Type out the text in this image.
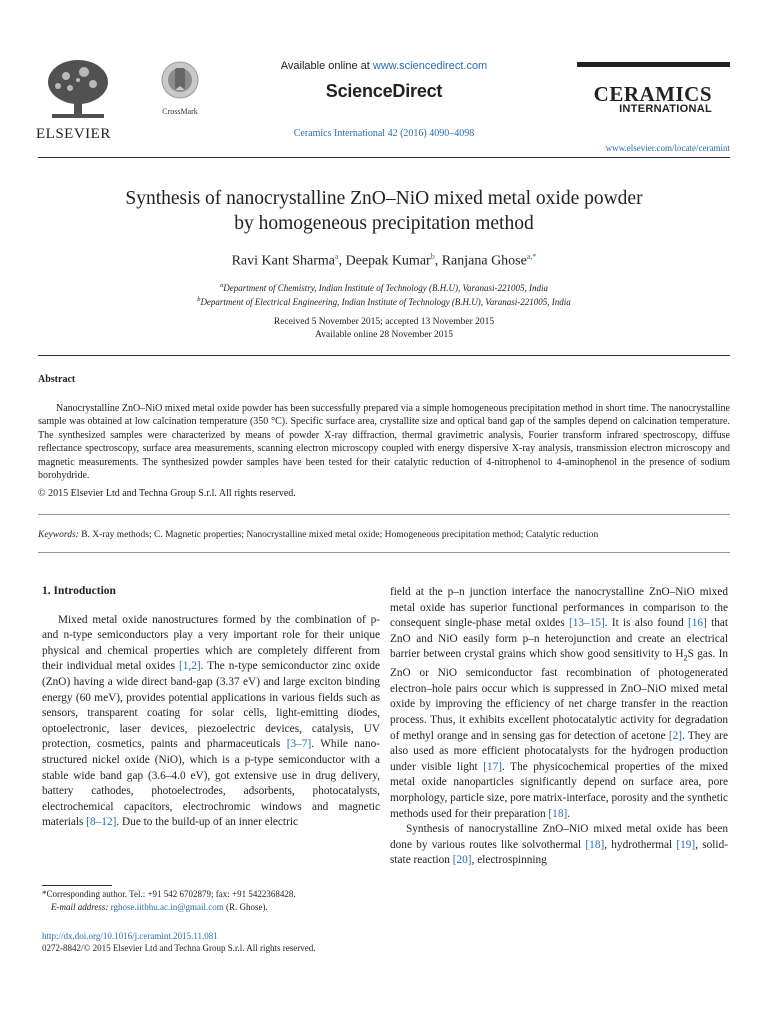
ELSEVIER
CrossMark
Available online at www.sciencedirect.com
ScienceDirect
Ceramics International 42 (2016) 4090–4098
CERAMICS
INTERNATIONAL
www.elsevier.com/locate/ceramint
Synthesis of nanocrystalline ZnO–NiO mixed metal oxide powder
by homogeneous precipitation method
Ravi Kant Sharma$^a$, Deepak Kumar$^b$, Ranjana Ghose$^{a,*}$
$^a$Department of Chemistry, Indian Institute of Technology (B.H.U), Varanasi-221005, India
$^b$Department of Electrical Engineering, Indian Institute of Technology (B.H.U), Varanasi-221005, India
Received 5 November 2015; accepted 13 November 2015
Available online 28 November 2015
Abstract
Nanocrystalline ZnO–NiO mixed metal oxide powder has been successfully prepared via a simple homogeneous precipitation method in short time. The nanocrystalline sample was obtained at low calcination temperature (350 °C). Specific surface area, crystallite size and optical band gap of the samples depend on calcination temperature. The synthesized samples were characterized by means of powder X-ray diffraction, thermal gravimetric analysis, Fourier transform infrared spectroscopy, diffuse reflectance spectroscopy, surface area measurements, scanning electron microscopy coupled with energy dispersive X-ray analysis, transmission electron microscopy and magnetic measurements. The synthesized powder samples have been tested for their catalytic reduction of 4-nitrophenol to 4-aminophenol in the presence of sodium borohydride.
© 2015 Elsevier Ltd and Techna Group S.r.l. All rights reserved.
Keywords: B. X-ray methods; C. Magnetic properties; Nanocrystalline mixed metal oxide; Homogeneous precipitation method; Catalytic reduction
1. Introduction

Mixed metal oxide nanostructures formed by the combination of p- and n-type semiconductors play a very important role for their unique physical and chemical properties which are completely different from their individual metal oxides [1,2]. The n-type semiconductor zinc oxide (ZnO) having a wide direct band-gap (3.37 eV) and large exciton binding energy (60 meV), provides potential applications in various fields such as sensors, transparent coating for solar cells, light-emitting diodes, optoelectronic, laser devices, piezoelectric devices, catalysis, UV protection, cosmetics, paints and pharmaceuticals [3–7]. While nano-structured nickel oxide (NiO), which is a p-type semiconductor with a stable wide band gap (3.6–4.0 eV), got extensive use in drug delivery, battery cathodes, photoelectrodes, adsorbents, photocatalysts, electrochemical capacitors, electrochromic windows and magnetic materials [8–12]. Due to the build-up of an inner electric

field at the p–n junction interface the nanocrystalline ZnO–NiO mixed metal oxide has superior functional performances in comparison to the consequent single-phase metal oxides [13–15]. It is also found [16] that ZnO and NiO easily form p–n heterojunction and create an electrical barrier between crystal grains which show good sensitivity to $H_2S$ gas. In ZnO or NiO semiconductor fast recombination of photogenerated electron–hole pairs occur which is suppressed in ZnO–NiO mixed metal oxide by improving the efficiency of net charge transfer in the reaction process. Thus, it exhibits excellent photocatalytic activity for degradation of methyl orange and in sensing gas for detection of acetone [2]. They are also used as more efficient photocatalysts for the hydrogen production under visible light [17]. The physicochemical properties of the mixed metal oxide nanoparticles significantly depend on surface area, pore morphology, particle size, pore matrix-interface, porosity and the synthetic methods used for their preparation [18].

Synthesis of nanocrystalline ZnO–NiO mixed metal oxide has been done by various routes like solvothermal [18], hydrothermal [19], solid-state reaction [20], electrospinning

*Corresponding author. Tel.: +91 542 6702879; fax: +91 5422368428.
E-mail address: rghose.iitbhu.ac.in@gmail.com (R. Ghose).
http://dx.doi.org/10.1016/j.ceramint.2015.11.081
0272-8842/© 2015 Elsevier Ltd and Techna Group S.r.l. All rights reserved.
